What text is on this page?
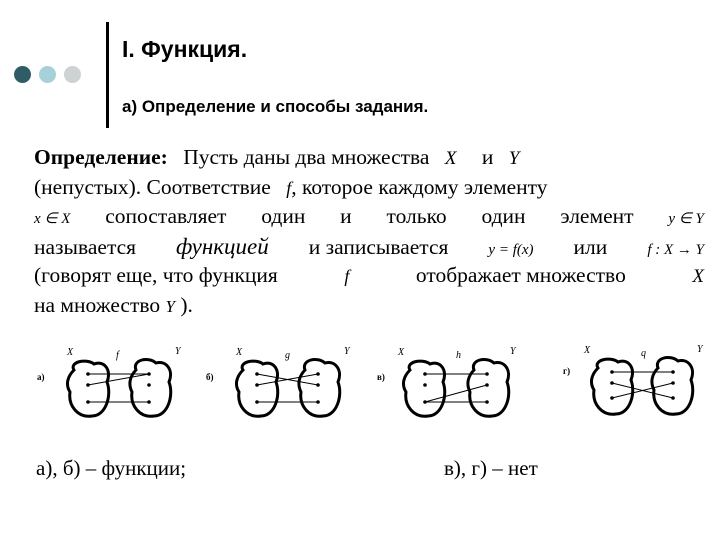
I. Функция.
а) Определение и способы задания.
Определение: Пусть даны два множества X и Y
(непустых). Соответствие f, которое каждому элементу
x ∈ X сопоставляет один и только один элемент y ∈ Y
называется функцией и записывается	y = f(x) или	f : X → Y
(говорят еще, что функция	f	отображает множество	X
на множество Y ).
а)
X	f	Y
б)
X	g	Y
в)
X	h	Y
г)
X	q	Y
а), б) – функции;	в), г) – нет
